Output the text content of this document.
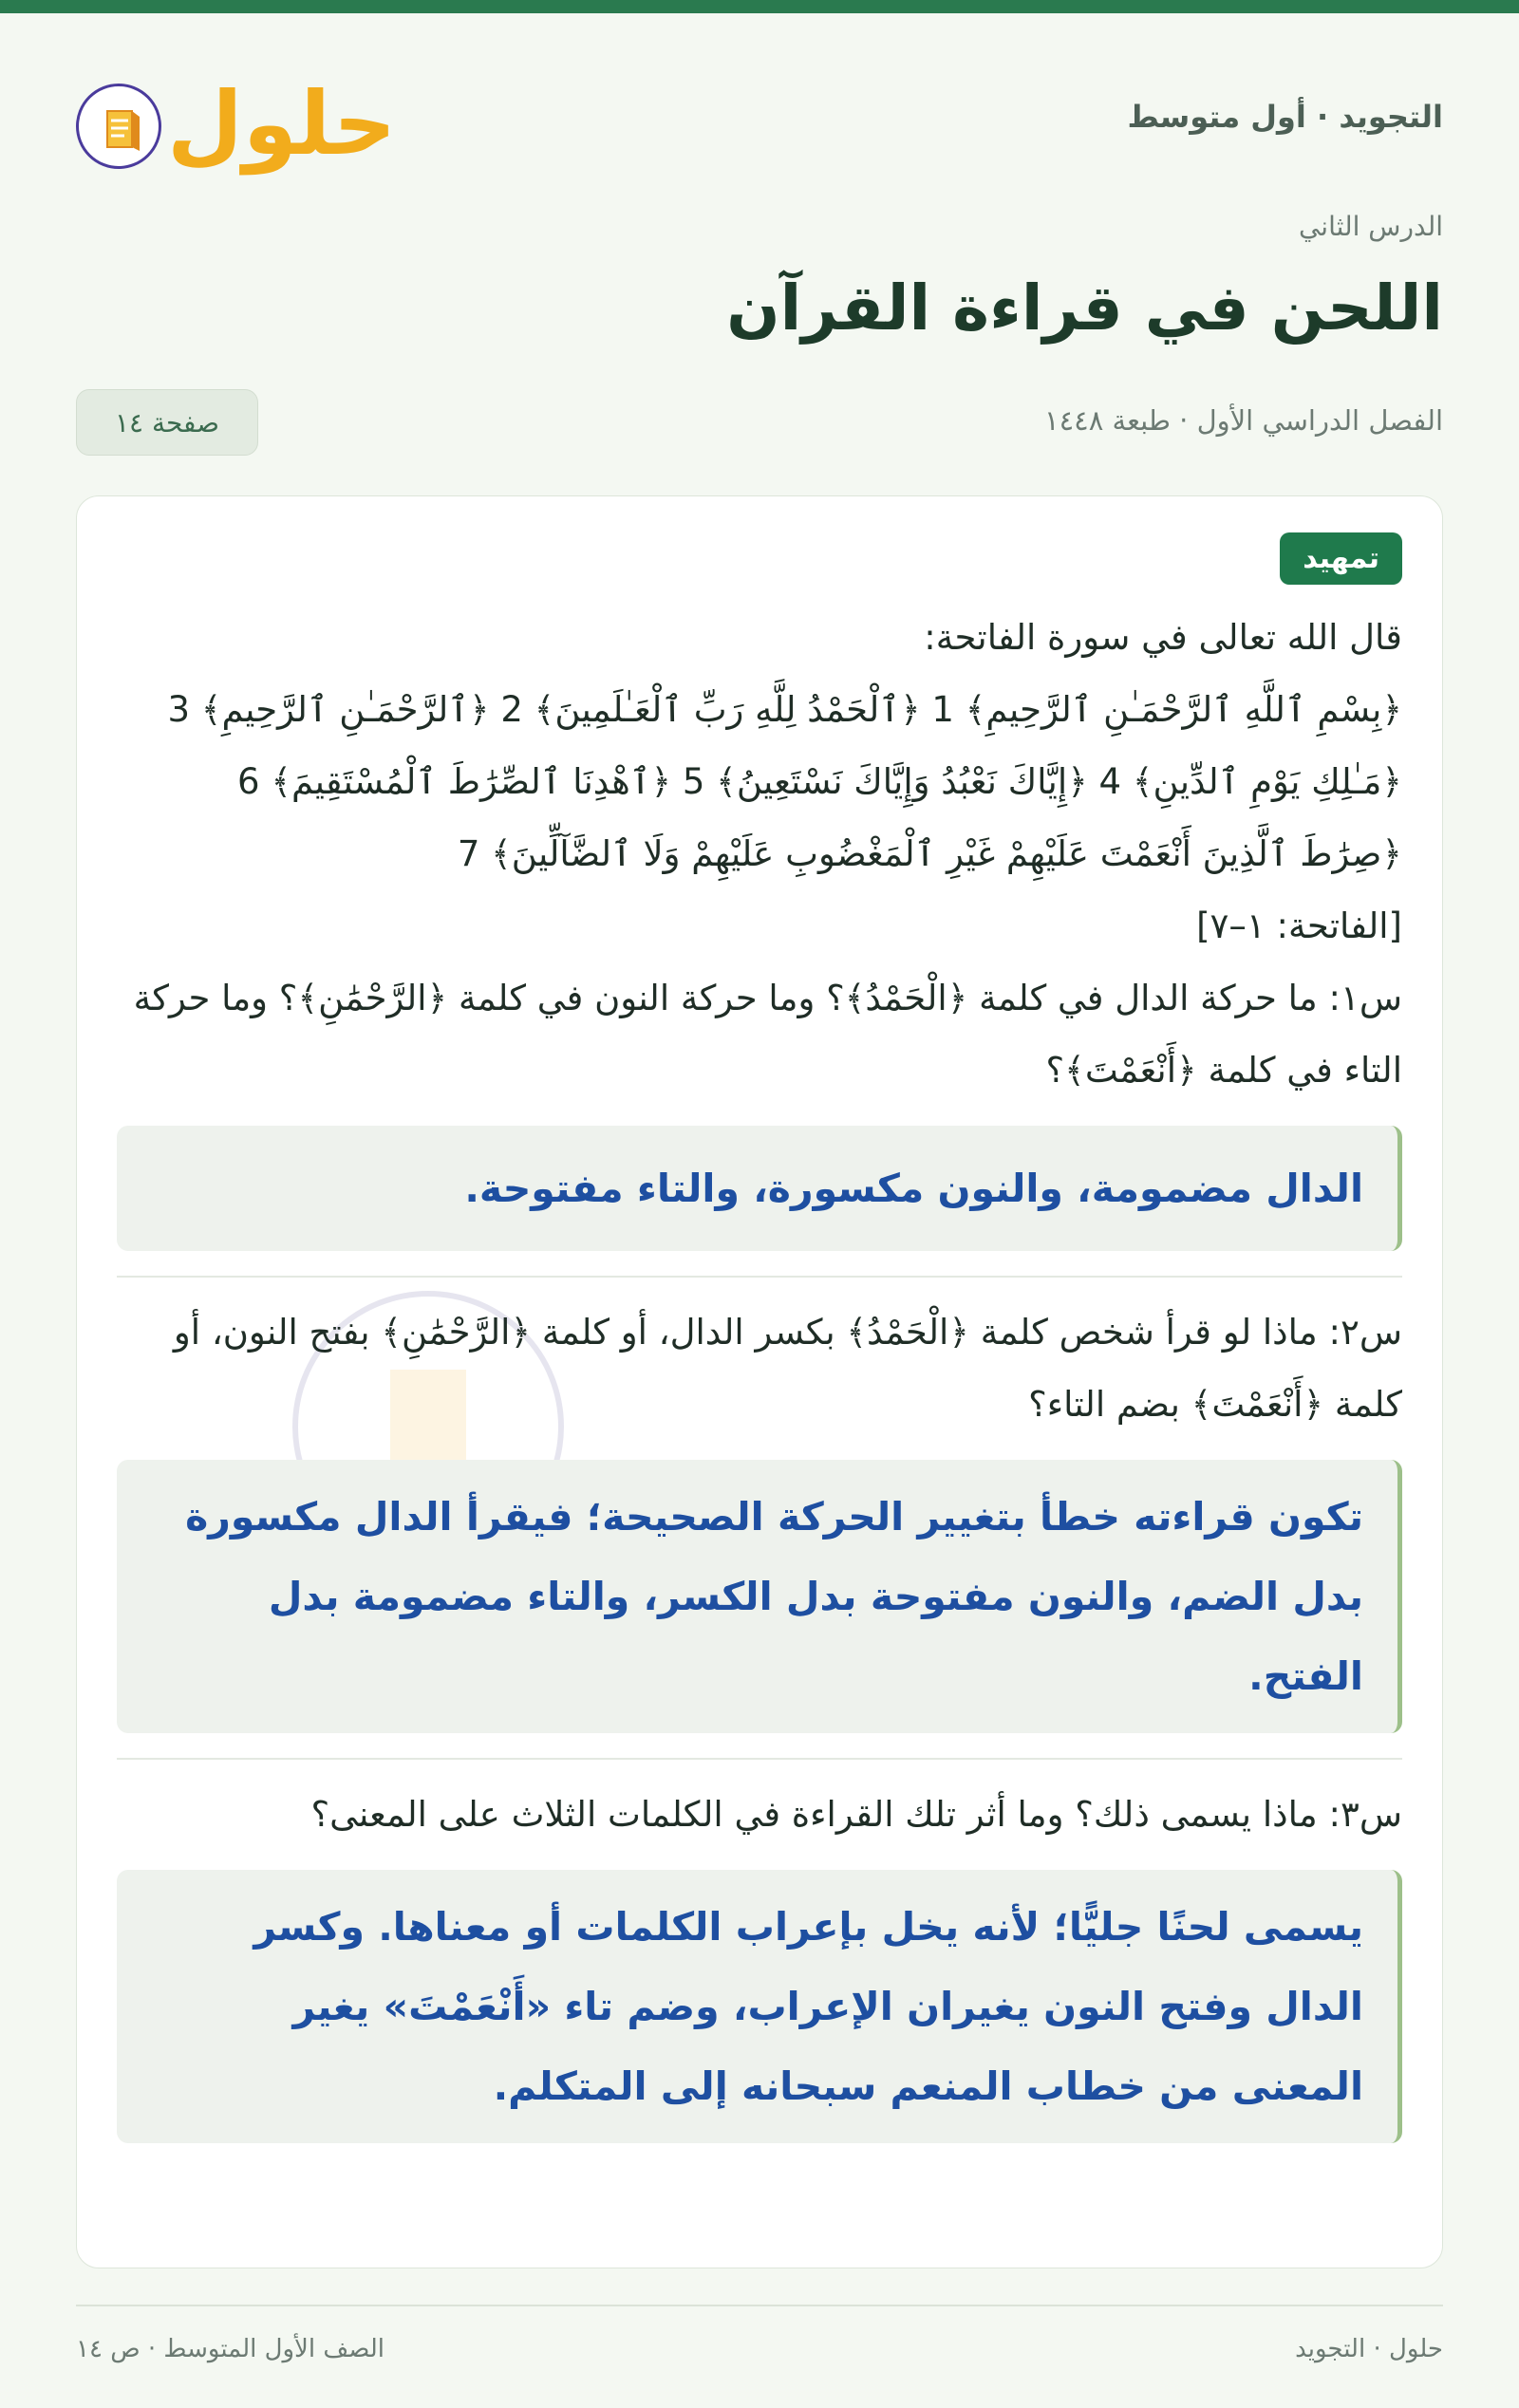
التجويد · أول متوسط
حلول
الدرس الثاني
اللحن في قراءة القرآن
الفصل الدراسي الأول · طبعة ١٤٤٨
صفحة ١٤
تمهيد
قال الله تعالى في سورة الفاتحة:
﴿بِسْمِ ٱللَّهِ ٱلرَّحْمَـٰنِ ٱلرَّحِيمِ﴾ 1 ﴿ٱلْحَمْدُ لِلَّهِ رَبِّ ٱلْعَـٰلَمِينَ﴾ 2 ﴿ٱلرَّحْمَـٰنِ ٱلرَّحِيمِ﴾ 3
﴿مَـٰلِكِ يَوْمِ ٱلدِّينِ﴾ 4 ﴿إِيَّاكَ نَعْبُدُ وَإِيَّاكَ نَسْتَعِينُ﴾ 5 ﴿ٱهْدِنَا ٱلصِّرَٰطَ ٱلْمُسْتَقِيمَ﴾ 6
﴿صِرَٰطَ ٱلَّذِينَ أَنْعَمْتَ عَلَيْهِمْ غَيْرِ ٱلْمَغْضُوبِ عَلَيْهِمْ وَلَا ٱلضَّآلِّينَ﴾ 7
[الفاتحة: ١–٧]
س١: ما حركة الدال في كلمة ﴿الْحَمْدُ﴾؟ وما حركة النون في كلمة ﴿الرَّحْمَٰنِ﴾؟ وما حركة التاء في كلمة ﴿أَنْعَمْتَ﴾؟
الدال مضمومة، والنون مكسورة، والتاء مفتوحة.
س٢: ماذا لو قرأ شخص كلمة ﴿الْحَمْدُ﴾ بكسر الدال، أو كلمة ﴿الرَّحْمَٰنِ﴾ بفتح النون، أو كلمة ﴿أَنْعَمْتَ﴾ بضم التاء؟
تكون قراءته خطأ بتغيير الحركة الصحيحة؛ فيقرأ الدال مكسورة بدل الضم، والنون مفتوحة بدل الكسر، والتاء مضمومة بدل الفتح.
س٣: ماذا يسمى ذلك؟ وما أثر تلك القراءة في الكلمات الثلاث على المعنى؟
يسمى لحنًا جليًّا؛ لأنه يخل بإعراب الكلمات أو معناها. وكسر الدال وفتح النون يغيران الإعراب، وضم تاء «أَنْعَمْتَ» يغير المعنى من خطاب المنعم سبحانه إلى المتكلم.
حلول · التجويد
الصف الأول المتوسط · ص ١٤
